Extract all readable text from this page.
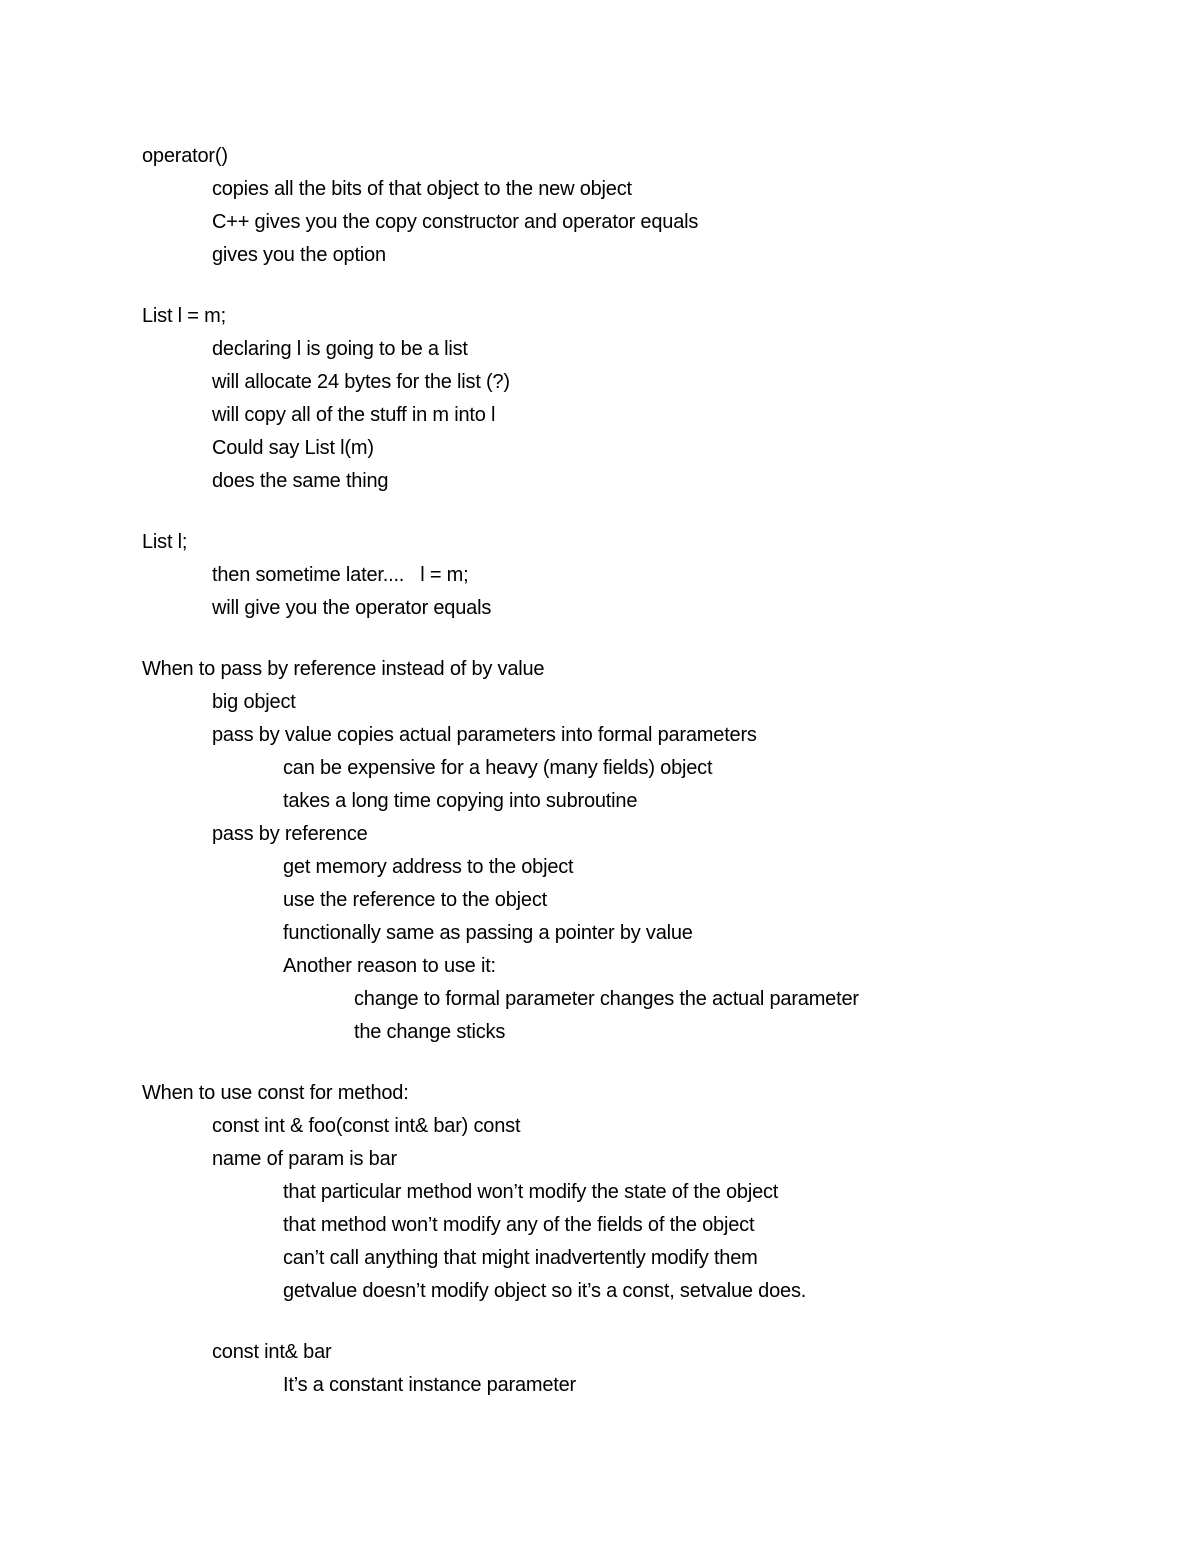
operator()
copies all the bits of that object to the new object
C++ gives you the copy constructor and operator equals
gives you the option
List l = m;
declaring l is going to be a list
will allocate 24 bytes for the list (?)
will copy all of the stuff in m into l
Could say List l(m)
does the same thing
List l;
then sometime later....   l = m;
will give you the operator equals
When to pass by reference instead of by value
big object
pass by value copies actual parameters into formal parameters
can be expensive for a heavy (many fields) object
takes a long time copying into subroutine
pass by reference
get memory address to the object
use the reference to the object
functionally same as passing a pointer by value
Another reason to use it:
change to formal parameter changes the actual parameter
the change sticks
When to use const for method:
const int & foo(const int& bar) const
name of param is bar
that particular method won’t modify the state of the object
that method won’t modify any of the fields of the object
can’t call anything that might inadvertently modify them
getvalue doesn’t modify object so it’s a const, setvalue does.
const int& bar
It’s a constant instance parameter
